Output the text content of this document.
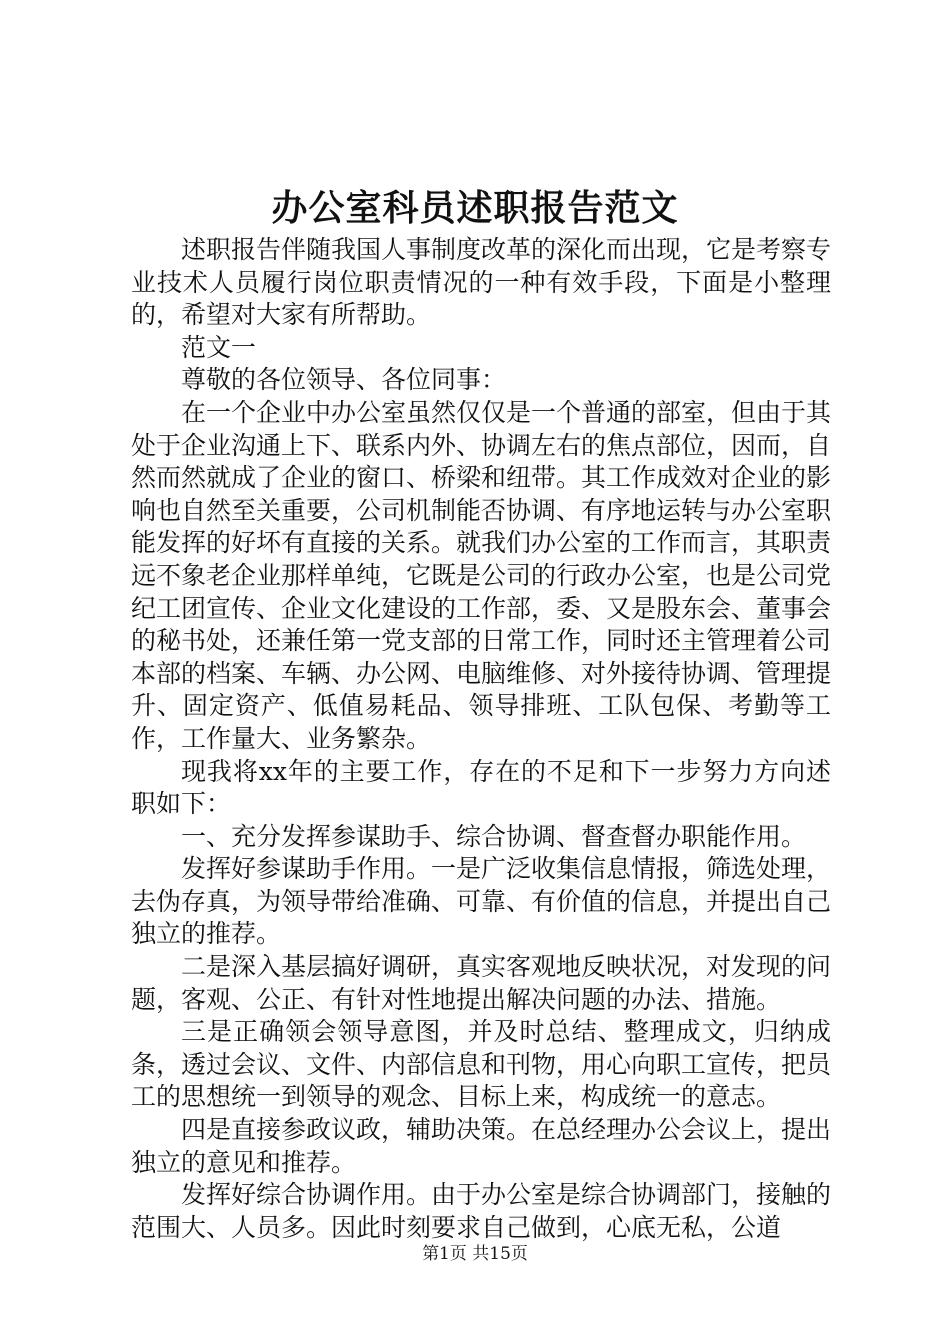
办公室科员述职报告范文

述职报告伴随我国人事制度改革的深化而出现，它是考察专业技术人员履行岗位职责情况的一种有效手段，下面是小整理的，希望对大家有所帮助。

范文一

尊敬的各位领导、各位同事：

在一个企业中办公室虽然仅仅是一个普通的部室，但由于其处于企业沟通上下、联系内外、协调左右的焦点部位，因而，自然而然就成了企业的窗口、桥梁和纽带。其工作成效对企业的影响也自然至关重要，公司机制能否协调、有序地运转与办公室职能发挥的好坏有直接的关系。就我们办公室的工作而言，其职责远不象老企业那样单纯，它既是公司的行政办公室，也是公司党纪工团宣传、企业文化建设的工作部，委、又是股东会、董事会的秘书处，还兼任第一党支部的日常工作，同时还主管理着公司本部的档案、车辆、办公网、电脑维修、对外接待协调、管理提升、固定资产、低值易耗品、领导排班、工队包保、考勤等工作，工作量大、业务繁杂。

现我将xx年的主要工作，存在的不足和下一步努力方向述职如下：

一、充分发挥参谋助手、综合协调、督查督办职能作用。

发挥好参谋助手作用。一是广泛收集信息情报，筛选处理，去伪存真，为领导带给准确、可靠、有价值的信息，并提出自己独立的推荐。

二是深入基层搞好调研，真实客观地反映状况，对发现的问题，客观、公正、有针对性地提出解决问题的办法、措施。

三是正确领会领导意图，并及时总结、整理成文，归纳成条，透过会议、文件、内部信息和刊物，用心向职工宣传，把员工的思想统一到领导的观念、目标上来，构成统一的意志。

四是直接参政议政，辅助决策。在总经理办公会议上，提出独立的意见和推荐。

发挥好综合协调作用。由于办公室是综合协调部门，接触的范围大、人员多。因此时刻要求自己做到，心底无私，公道

第1页 共15页
